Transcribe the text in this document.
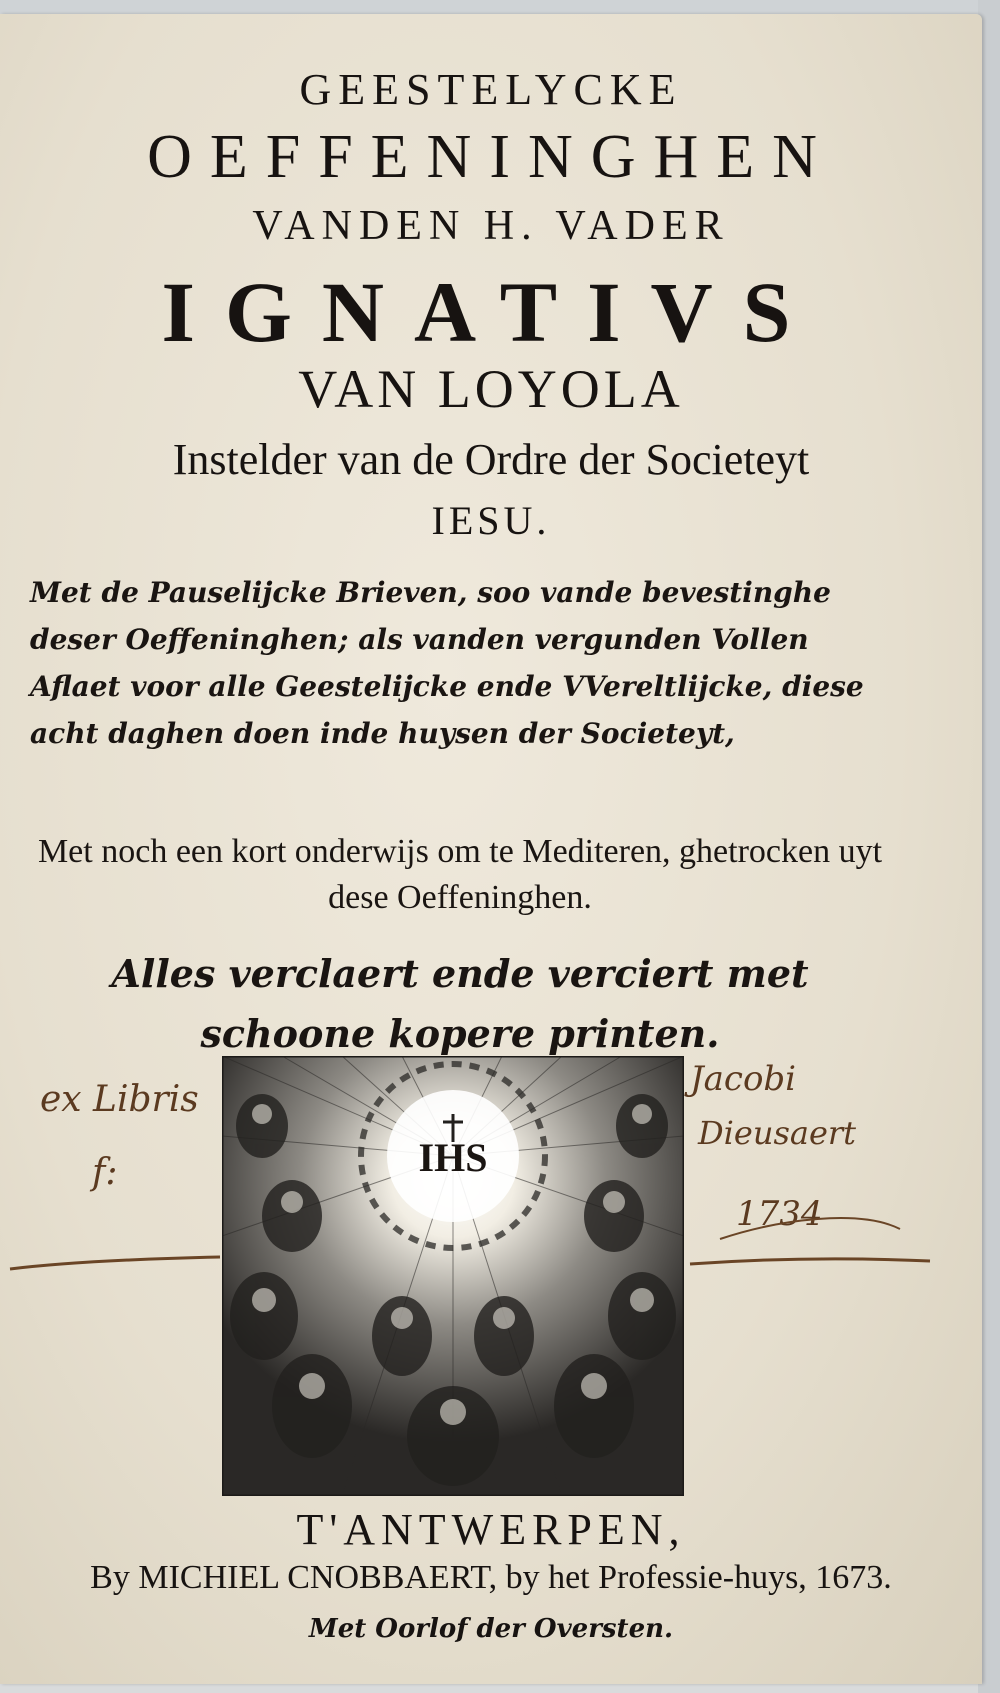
GEESTELYCKE
OEFFENINGHEN
VANDEN H. VADER
IGNATIVS
VAN LOYOLA
Instelder van de Ordre der Societeyt
IESU.
Met de Pauselijcke Brieven, soo vande bevestinghe deser Oeffeninghen; als vanden vergunden Vollen Aflaet voor alle Geestelijcke ende VVereltlijcke, diese acht daghen doen inde huysen der Societeyt,
Met noch een kort onderwijs om te Mediteren, ghetrocken uyt dese Oeffeninghen.
Alles verclaert ende verciert met schoone kopere printen.
IHS
ex Libris
f:
Jacobi
Dieusaert
1734
T'ANTWERPEN,
By MICHIEL CNOBBAERT, by het Professie-huys, 1673.
Met Oorlof der Oversten.
